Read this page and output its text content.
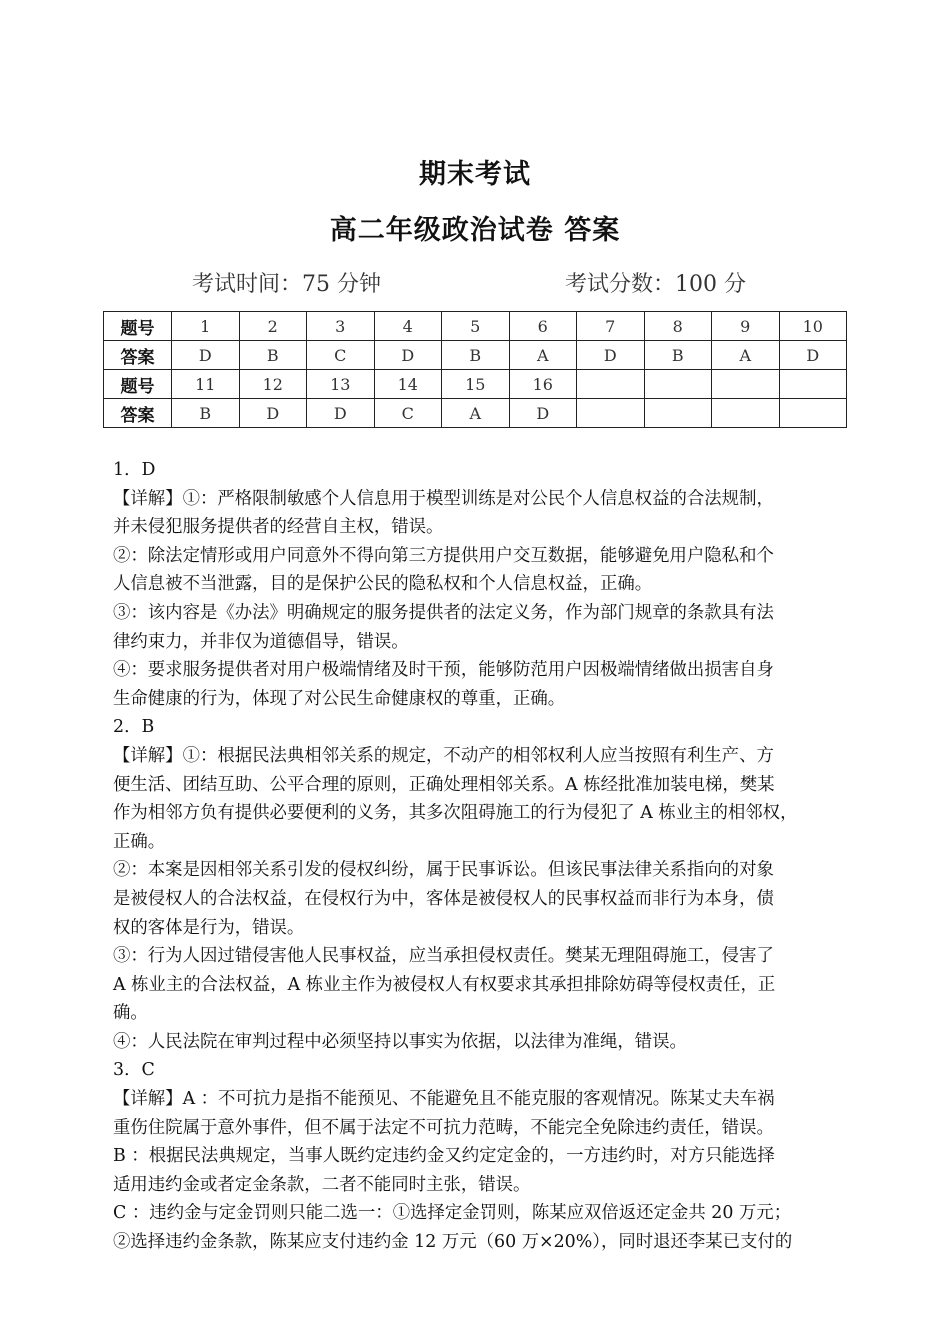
期末考试
高二年级政治试卷 答案
考试时间：75 分钟	考试分数：100 分
题号	1	2	3	4	5	6	7	8	9	10
答案	D	B	C	D	B	A	D	B	A	D
题号	11	12	13	14	15	16				
答案	B	D	D	C	A	D				

1．D

【详解】①：严格限制敏感个人信息用于模型训练是对公民个人信息权益的合法规制，

并未侵犯服务提供者的经营自主权，错误。

②：除法定情形或用户同意外不得向第三方提供用户交互数据，能够避免用户隐私和个

人信息被不当泄露，目的是保护公民的隐私权和个人信息权益，正确。

③：该内容是《办法》明确规定的服务提供者的法定义务，作为部门规章的条款具有法

律约束力，并非仅为道德倡导，错误。

④：要求服务提供者对用户极端情绪及时干预，能够防范用户因极端情绪做出损害自身

生命健康的行为，体现了对公民生命健康权的尊重，正确。

2．B

【详解】①：根据民法典相邻关系的规定，不动产的相邻权利人应当按照有利生产、方

便生活、团结互助、公平合理的原则，正确处理相邻关系。A 栋经批准加装电梯，樊某

作为相邻方负有提供必要便利的义务，其多次阻碍施工的行为侵犯了 A 栋业主的相邻权，

正确。

②：本案是因相邻关系引发的侵权纠纷，属于民事诉讼。但该民事法律关系指向的对象

是被侵权人的合法权益，在侵权行为中，客体是被侵权人的民事权益而非行为本身，债

权的客体是行为，错误。

③：行为人因过错侵害他人民事权益，应当承担侵权责任。樊某无理阻碍施工，侵害了

A 栋业主的合法权益，A 栋业主作为被侵权人有权要求其承担排除妨碍等侵权责任，正

确。

④：人民法院在审判过程中必须坚持以事实为依据，以法律为准绳，错误。

3．C

【详解】A ：不可抗力是指不能预见、不能避免且不能克服的客观情况。陈某丈夫车祸

重伤住院属于意外事件，但不属于法定不可抗力范畴，不能完全免除违约责任，错误。

B ：根据民法典规定，当事人既约定违约金又约定定金的，一方违约时，对方只能选择

适用违约金或者定金条款，二者不能同时主张，错误。

C ：违约金与定金罚则只能二选一：①选择定金罚则，陈某应双倍返还定金共 20 万元；

②选择违约金条款，陈某应支付违约金 12 万元（60 万×20%），同时退还李某已支付的
